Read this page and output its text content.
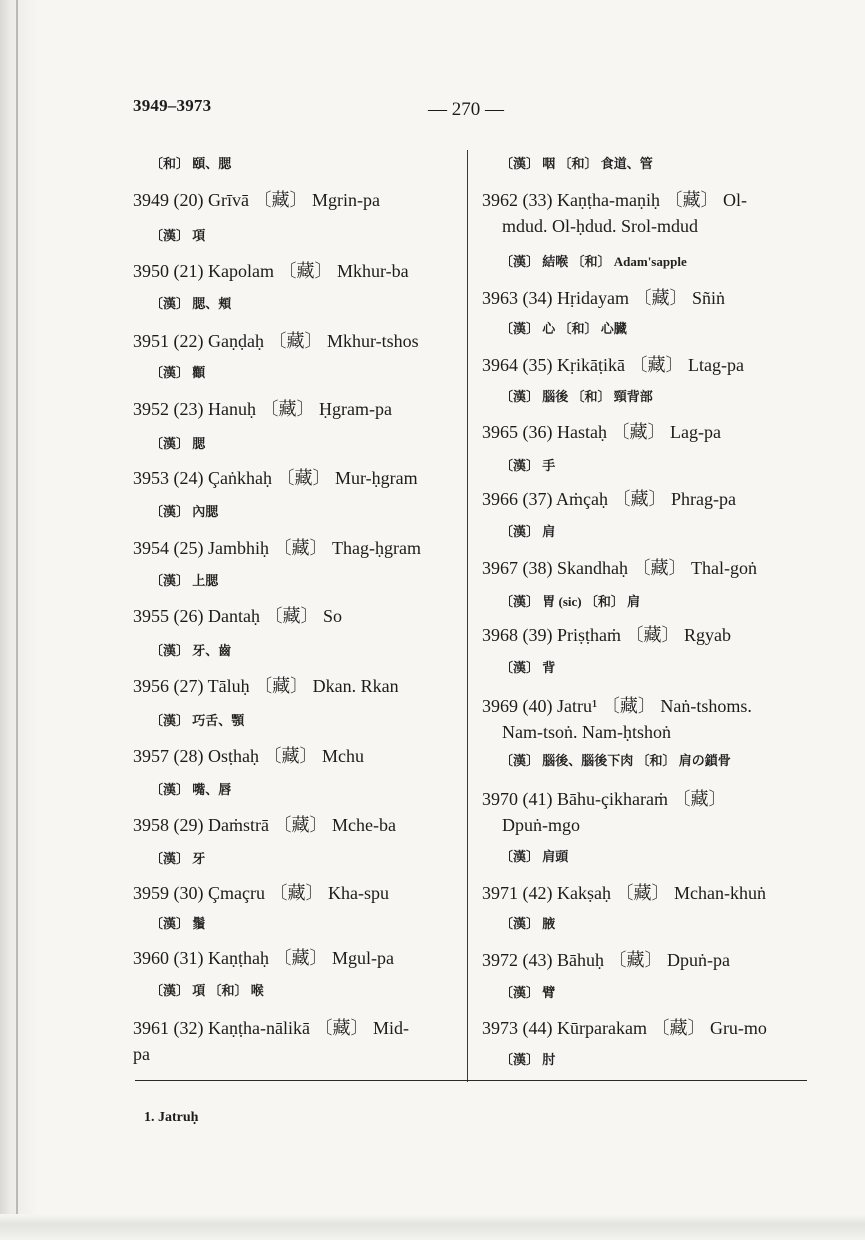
3949–3973	— 270 —
〔和〕 頤、腮
3949 (20) Grīvā 〔藏〕 Mgrin-pa
〔漢〕 項
3950 (21) Kapolam 〔藏〕 Mkhur-ba
〔漢〕 腮、頬
3951 (22) Gaṇḍaḥ 〔藏〕 Mkhur-tshos
〔漢〕 顴
3952 (23) Hanuḥ 〔藏〕 Ḥgram-pa
〔漢〕 腮
3953 (24) Çaṅkhaḥ 〔藏〕 Mur-ḥgram
〔漢〕 內腮
3954 (25) Jambhiḥ 〔藏〕 Thag-ḥgram
〔漢〕 上腮
3955 (26) Dantaḥ 〔藏〕 So
〔漢〕 牙、齒
3956 (27) Tāluḥ 〔藏〕 Dkan. Rkan
〔漢〕 巧舌、顎
3957 (28) Osṭhaḥ 〔藏〕 Mchu
〔漢〕 嘴、唇
3958 (29) Daṁstrā 〔藏〕 Mche-ba
〔漢〕 牙
3959 (30) Çmaçru 〔藏〕 Kha-spu
〔漢〕 鬚
3960 (31) Kaṇṭhaḥ 〔藏〕 Mgul-pa
〔漢〕 項 〔和〕 喉
3961 (32) Kaṇṭha-nālikā 〔藏〕 Mid-
pa
〔漢〕 咽 〔和〕 食道、管
3962 (33) Kaṇṭha-maṇiḥ 〔藏〕 Ol-
mdud. Ol-ḥdud. Srol-mdud
〔漢〕 結喉 〔和〕 Adam'sapple
3963 (34) Hṛidayam 〔藏〕 Sñiṅ
〔漢〕 心 〔和〕 心臓
3964 (35) Kṛikāṭikā 〔藏〕 Ltag-pa
〔漢〕 腦後 〔和〕 頸背部
3965 (36) Hastaḥ 〔藏〕 Lag-pa
〔漢〕 手
3966 (37) Aṁçaḥ 〔藏〕 Phrag-pa
〔漢〕 肩
3967 (38) Skandhaḥ 〔藏〕 Thal-goṅ
〔漢〕 胃 (sic) 〔和〕 肩
3968 (39) Priṣṭhaṁ 〔藏〕 Rgyab
〔漢〕 背
3969 (40) Jatru¹ 〔藏〕 Naṅ-tshoms.
Nam-tsoṅ. Nam-ḥtshoṅ
〔漢〕 腦後、腦後下肉 〔和〕 肩の鎖骨
3970 (41) Bāhu-çikharaṁ 〔藏〕
Dpuṅ-mgo
〔漢〕 肩頭
3971 (42) Kakṣaḥ 〔藏〕 Mchan-khuṅ
〔漢〕 腋
3972 (43) Bāhuḥ 〔藏〕 Dpuṅ-pa
〔漢〕 臂
3973 (44) Kūrparakam 〔藏〕 Gru-mo
〔漢〕 肘
1. Jatruḥ
